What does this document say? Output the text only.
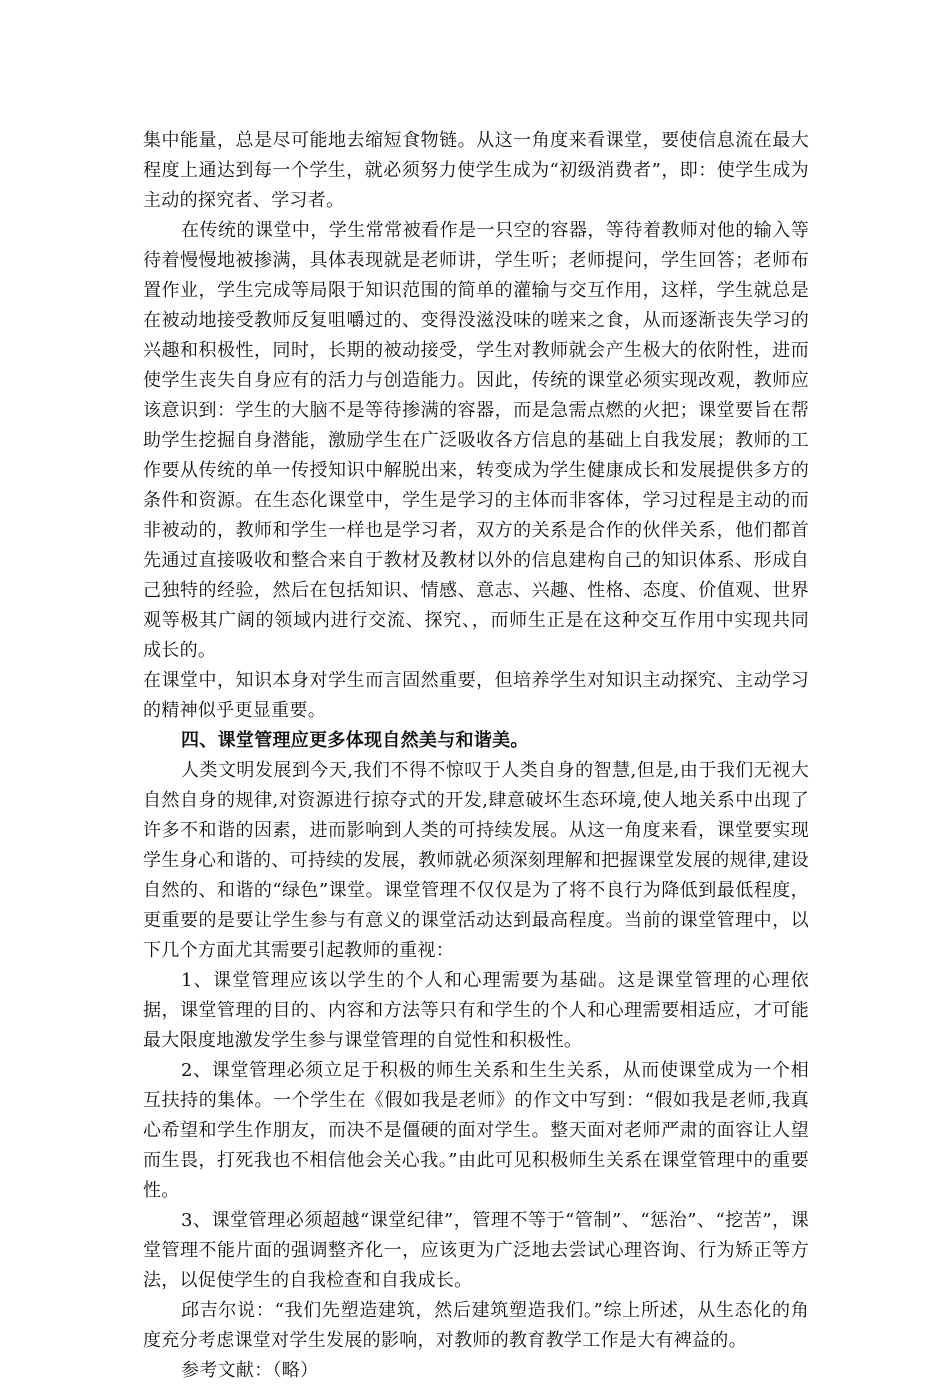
集中能量，总是尽可能地去缩短食物链。从这一角度来看课堂，要使信息流在最大程度上通达到每一个学生，就必须努力使学生成为“初级消费者”，即：使学生成为主动的探究者、学习者。

在传统的课堂中，学生常常被看作是一只空的容器，等待着教师对他的输入等待着慢慢地被掺满，具体表现就是老师讲，学生听；老师提问，学生回答；老师布置作业，学生完成等局限于知识范围的简单的灌输与交互作用，这样，学生就总是在被动地接受教师反复咀嚼过的、变得没滋没味的嗟来之食，从而逐渐丧失学习的兴趣和积极性，同时，长期的被动接受，学生对教师就会产生极大的依附性，进而使学生丧失自身应有的活力与创造能力。因此，传统的课堂必须实现改观，教师应该意识到：学生的大脑不是等待掺满的容器，而是急需点燃的火把；课堂要旨在帮助学生挖掘自身潜能，激励学生在广泛吸收各方信息的基础上自我发展；教师的工作要从传统的单一传授知识中解脱出来，转变成为学生健康成长和发展提供多方的条件和资源。在生态化课堂中，学生是学习的主体而非客体，学习过程是主动的而非被动的，教师和学生一样也是学习者，双方的关系是合作的伙伴关系，他们都首先通过直接吸收和整合来自于教材及教材以外的信息建构自己的知识体系、形成自己独特的经验，然后在包括知识、情感、意志、兴趣、性格、态度、价值观、世界观等极其广阔的领域内进行交流、探究、，而师生正是在这种交互作用中实现共同成长的。

在课堂中，知识本身对学生而言固然重要，但培养学生对知识主动探究、主动学习的精神似乎更显重要。

四、课堂管理应更多体现自然美与和谐美。

人类文明发展到今天,我们不得不惊叹于人类自身的智慧,但是,由于我们无视大自然自身的规律,对资源进行掠夺式的开发,肆意破坏生态环境,使人地关系中出现了许多不和谐的因素，进而影响到人类的可持续发展。从这一角度来看，课堂要实现学生身心和谐的、可持续的发展，教师就必须深刻理解和把握课堂发展的规律,建设自然的、和谐的“绿色”课堂。课堂管理不仅仅是为了将不良行为降低到最低程度，更重要的是要让学生参与有意义的课堂活动达到最高程度。当前的课堂管理中，以下几个方面尤其需要引起教师的重视：

1、课堂管理应该以学生的个人和心理需要为基础。这是课堂管理的心理依据，课堂管理的目的、内容和方法等只有和学生的个人和心理需要相适应，才可能最大限度地激发学生参与课堂管理的自觉性和积极性。

2、课堂管理必须立足于积极的师生关系和生生关系，从而使课堂成为一个相互扶持的集体。一个学生在《假如我是老师》的作文中写到：“假如我是老师,我真心希望和学生作朋友，而决不是僵硬的面对学生。整天面对老师严肃的面容让人望而生畏，打死我也不相信他会关心我。”由此可见积极师生关系在课堂管理中的重要性。

3、课堂管理必须超越“课堂纪律”，管理不等于“管制”、“惩治”、“挖苦”，课堂管理不能片面的强调整齐化一，应该更为广泛地去尝试心理咨询、行为矫正等方法，以促使学生的自我检查和自我成长。

邱吉尔说：“我们先塑造建筑，然后建筑塑造我们。”综上所述，从生态化的角度充分考虑课堂对学生发展的影响，对教师的教育教学工作是大有裨益的。

参考文献：（略）
